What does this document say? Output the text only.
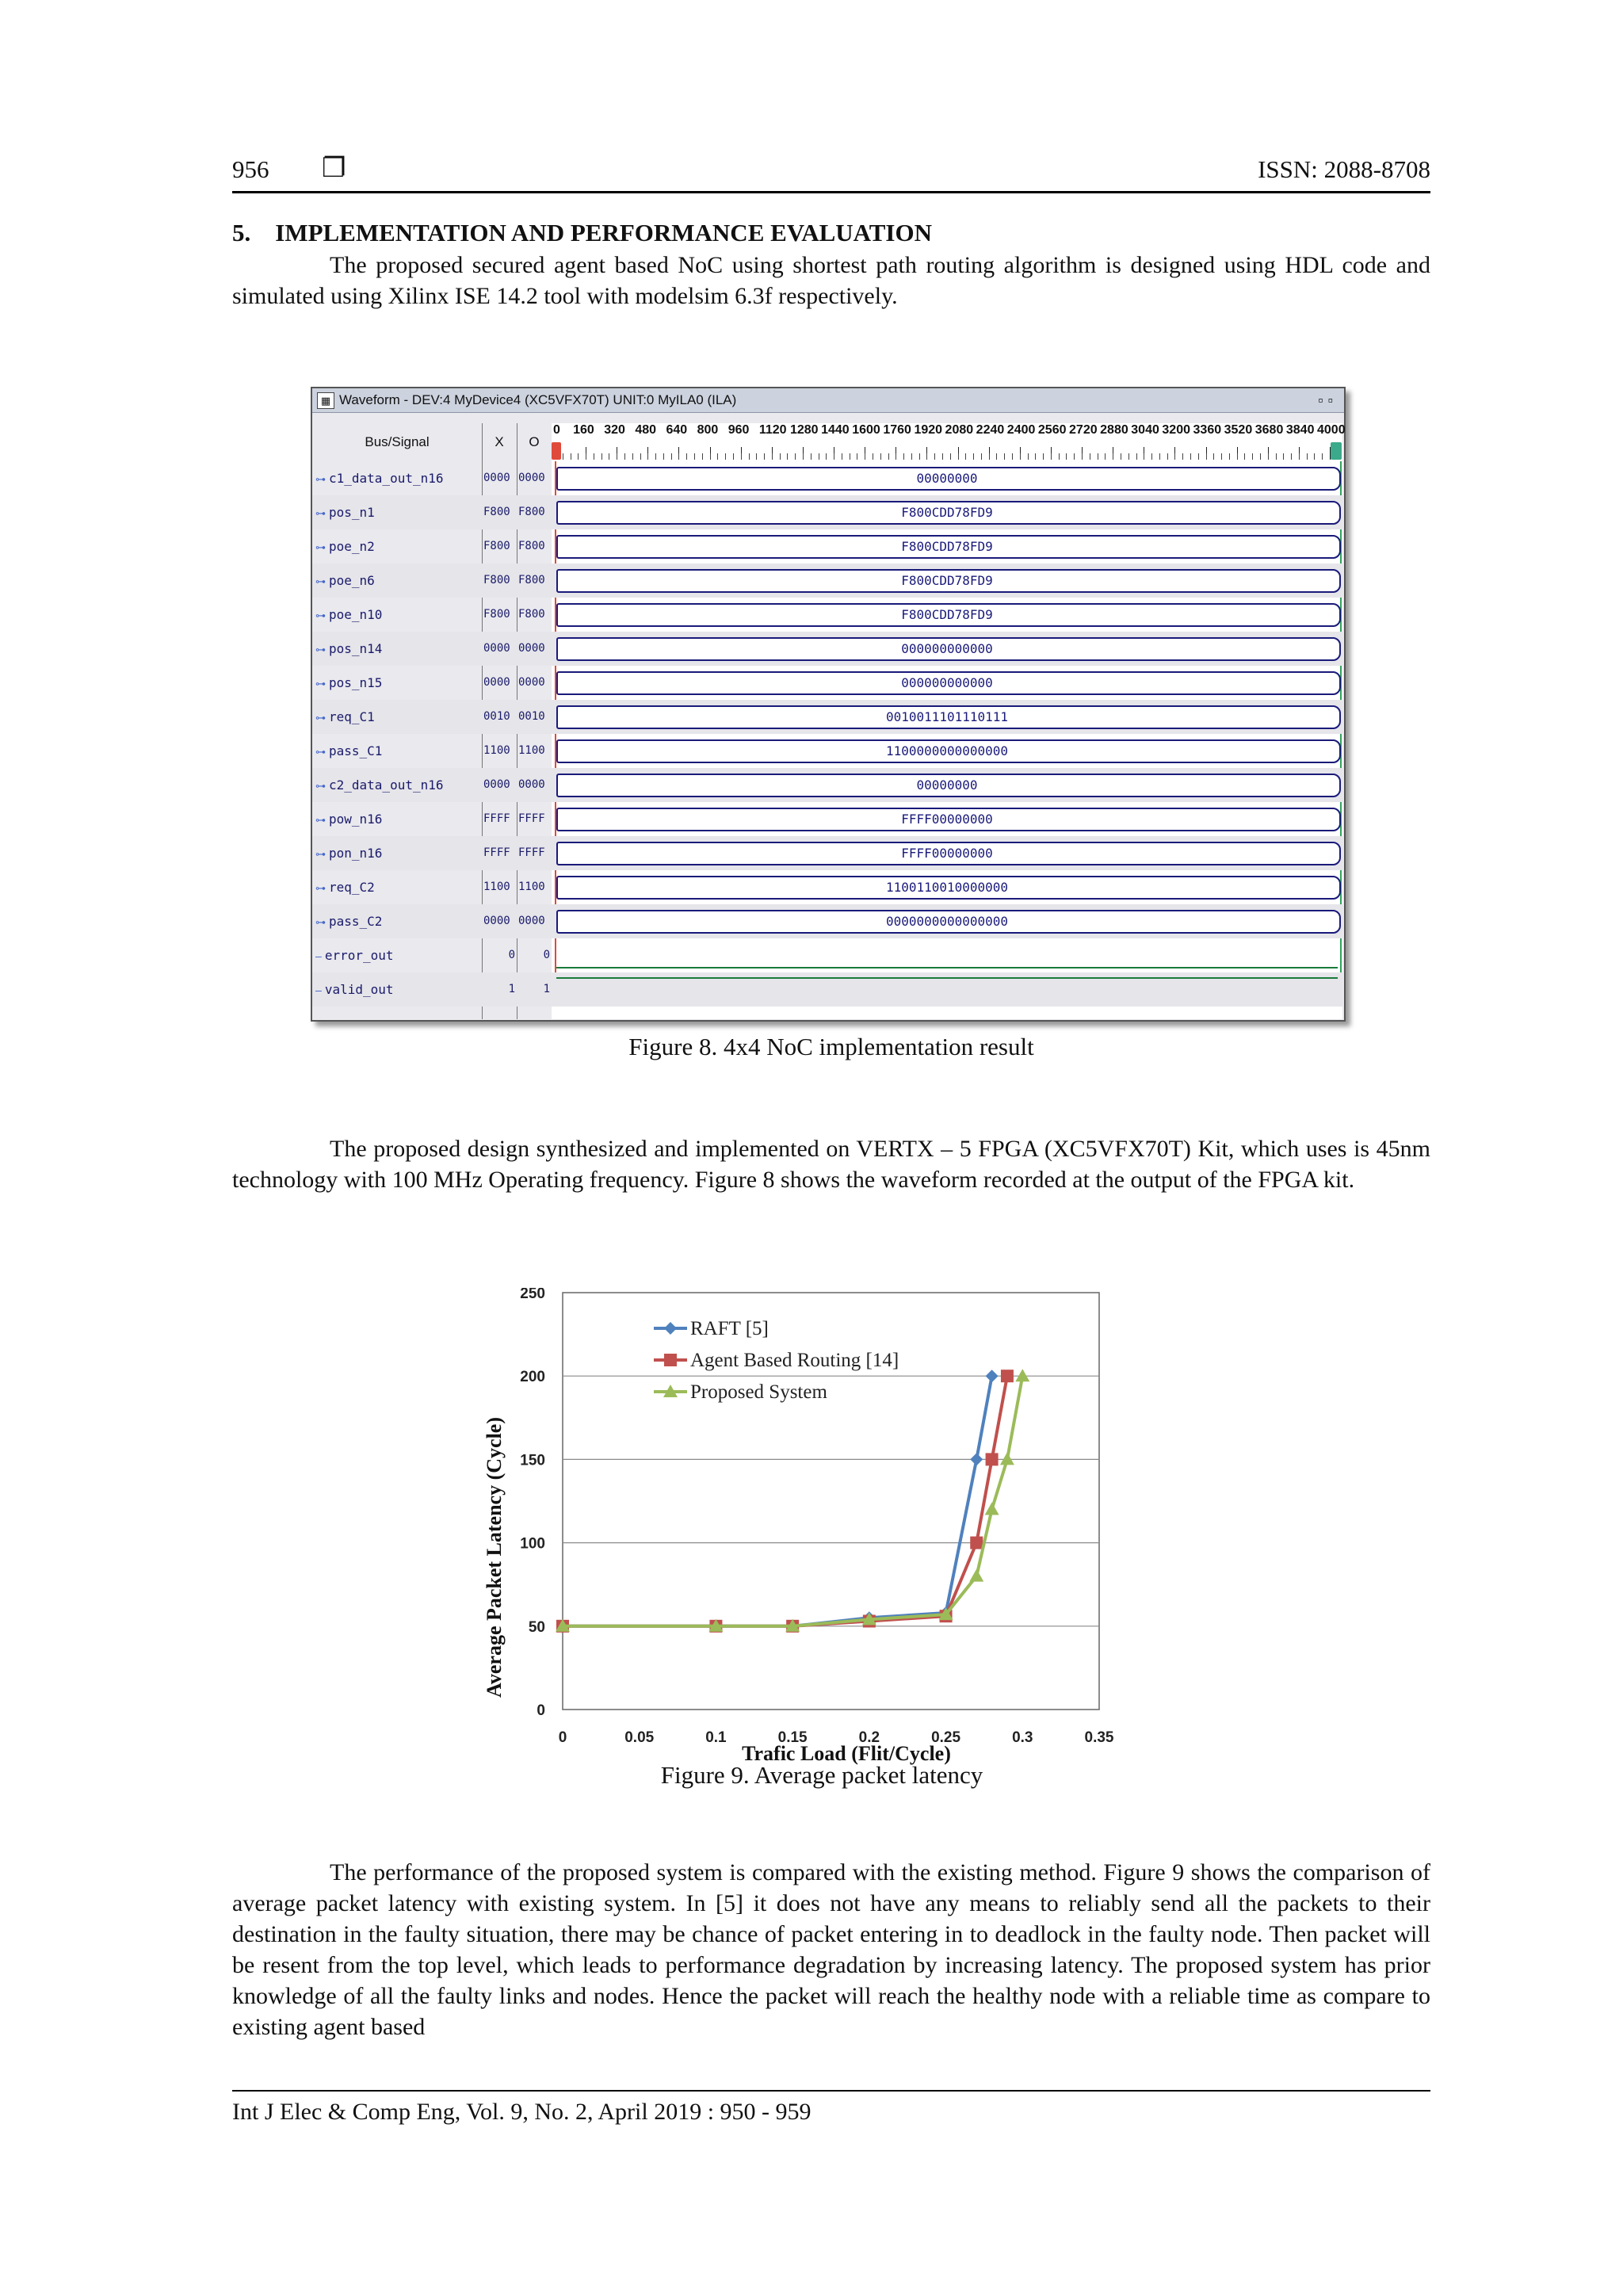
956 ❐	ISSN: 2088-8708
5. IMPLEMENTATION AND PERFORMANCE EVALUATION

The proposed secured agent based NoC using shortest path routing algorithm is designed using HDL code and simulated using Xilinx ISE 14.2 tool with modelsim 6.3f respectively.

▦ Waveform - DEV:4 MyDevice4 (XC5VFX70T) UNIT:0 MyILA0 (ILA)	▫▫
Bus/Signal	X	O
0 160 320 480 640 800 960 1120 1280 1440 1600 1760 1920 2080 2240 2400 2560 2720 2880 3040 3200 3360 3520 3680 3840 4000
⊶ c1_data_out_n16	0000 0000	00000000
⊶ pos_n1	F800 F800	F800CDD78FD9
⊶ poe_n2	F800 F800	F800CDD78FD9
⊶ poe_n6	F800 F800	F800CDD78FD9
⊶ poe_n10	F800 F800	F800CDD78FD9
⊶ pos_n14	0000 0000	000000000000
⊶ pos_n15	0000 0000	000000000000
⊶ req_C1	0010 0010	0010011101110111
⊶ pass_C1	1100 1100	1100000000000000
⊶ c2_data_out_n16	0000 0000	00000000
⊶ pow_n16	FFFF FFFF	FFFF00000000
⊶ pon_n16	FFFF FFFF	FFFF00000000
⊶ req_C2	1100 1100	1100110010000000
⊶ pass_C2	0000 0000	0000000000000000
— error_out	0	0
— valid_out	1	1
Figure 8. 4x4 NoC implementation result

The proposed design synthesized and implemented on VERTX – 5 FPGA (XC5VFX70T) Kit, which uses is 45nm technology with 100 MHz Operating frequency. Figure 8 shows the waveform recorded at the output of the FPGA kit.

0
50
100
150
200
250
0	0.05	0.1	0.15	0.2	0.25	0.3	0.35
RAFT [5]
Agent Based Routing [14]
Proposed System
Average Packet Latency (Cycle)
Trafic Load (Flit/Cycle)
Figure 9. Average packet latency

The performance of the proposed system is compared with the existing method. Figure 9 shows the comparison of average packet latency with existing system. In [5] it does not have any means to reliably send all the packets to their destination in the faulty situation, there may be chance of packet entering in to deadlock in the faulty node. Then packet will be resent from the top level, which leads to performance degradation by increasing latency. The proposed system has prior knowledge of all the faulty links and nodes. Hence the packet will reach the healthy node with a reliable time as compare to existing agent based

Int J Elec & Comp Eng, Vol. 9, No. 2, April 2019 : 950 - 959
